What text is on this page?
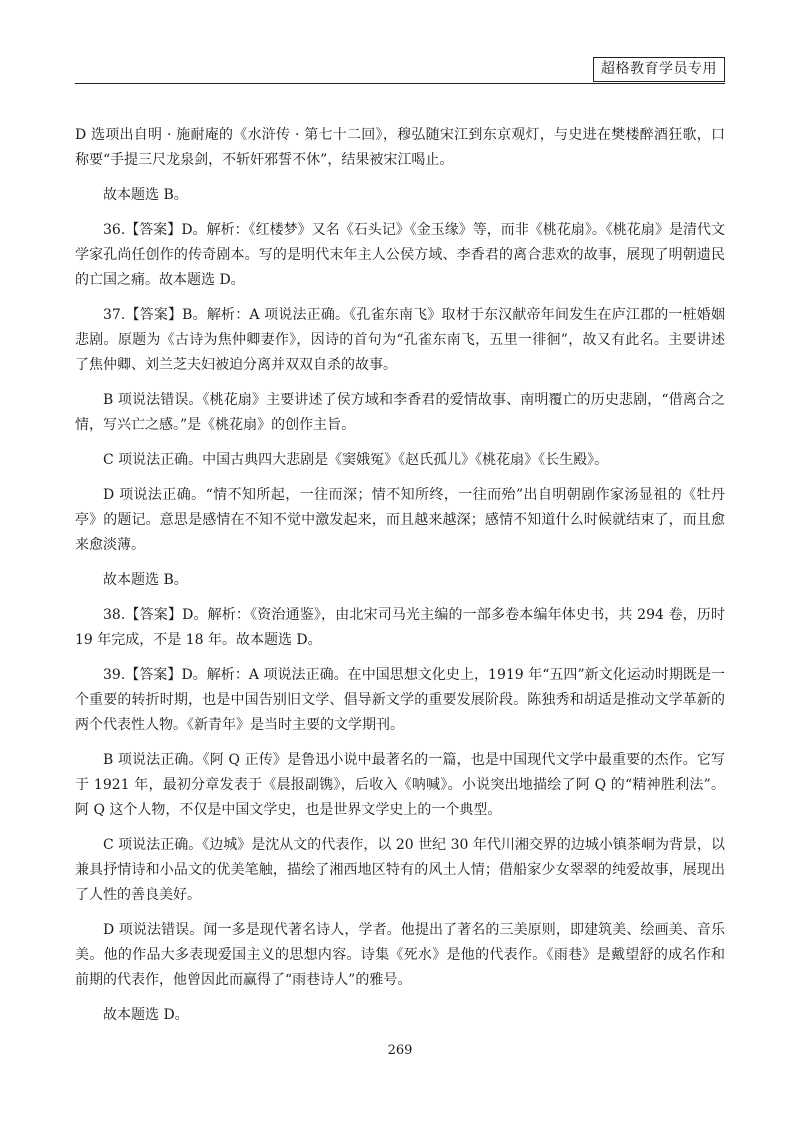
超格教育学员专用

D 选项出自明 · 施耐庵的《水浒传 · 第七十二回》，穆弘随宋江到东京观灯，与史进在樊楼醉酒狂歌，口称要“手提三尺龙泉剑，不斩奸邪誓不休”，结果被宋江喝止。

故本题选 B。

36.【答案】D。解析：《红楼梦》又名《石头记》《金玉缘》等，而非《桃花扇》。《桃花扇》是清代文学家孔尚任创作的传奇剧本。写的是明代末年主人公侯方域、李香君的离合悲欢的故事，展现了明朝遗民的亡国之痛。故本题选 D。

37.【答案】B。解析：A 项说法正确。《孔雀东南飞》取材于东汉献帝年间发生在庐江郡的一桩婚姻悲剧。原题为《古诗为焦仲卿妻作》，因诗的首句为“孔雀东南飞，五里一徘徊”，故又有此名。主要讲述了焦仲卿、刘兰芝夫妇被迫分离并双双自杀的故事。

B 项说法错误。《桃花扇》主要讲述了侯方域和李香君的爱情故事、南明覆亡的历史悲剧，“借离合之情，写兴亡之感。”是《桃花扇》的创作主旨。

C 项说法正确。中国古典四大悲剧是《窦娥冤》《赵氏孤儿》《桃花扇》《长生殿》。

D 项说法正确。“情不知所起，一往而深；情不知所终，一往而殆”出自明朝剧作家汤显祖的《牡丹亭》的题记。意思是感情在不知不觉中激发起来，而且越来越深；感情不知道什么时候就结束了，而且愈来愈淡薄。

故本题选 B。

38.【答案】D。解析：《资治通鉴》，由北宋司马光主编的一部多卷本编年体史书，共 294 卷，历时 19 年完成，不是 18 年。故本题选 D。

39.【答案】D。解析：A 项说法正确。在中国思想文化史上，1919 年“五四”新文化运动时期既是一个重要的转折时期，也是中国告别旧文学、倡导新文学的重要发展阶段。陈独秀和胡适是推动文学革新的两个代表性人物。《新青年》是当时主要的文学期刊。

B 项说法正确。《阿 Q 正传》是鲁迅小说中最著名的一篇，也是中国现代文学中最重要的杰作。它写于 1921 年，最初分章发表于《晨报副镌》，后收入《呐喊》。小说突出地描绘了阿 Q 的“精神胜利法”。阿 Q 这个人物，不仅是中国文学史，也是世界文学史上的一个典型。

C 项说法正确。《边城》是沈从文的代表作，以 20 世纪 30 年代川湘交界的边城小镇茶峒为背景，以兼具抒情诗和小品文的优美笔触，描绘了湘西地区特有的风土人情；借船家少女翠翠的纯爱故事，展现出了人性的善良美好。

D 项说法错误。闻一多是现代著名诗人，学者。他提出了著名的三美原则，即建筑美、绘画美、音乐美。他的作品大多表现爱国主义的思想内容。诗集《死水》是他的代表作。《雨巷》是戴望舒的成名作和前期的代表作，他曾因此而赢得了“雨巷诗人”的雅号。

故本题选 D。

269
